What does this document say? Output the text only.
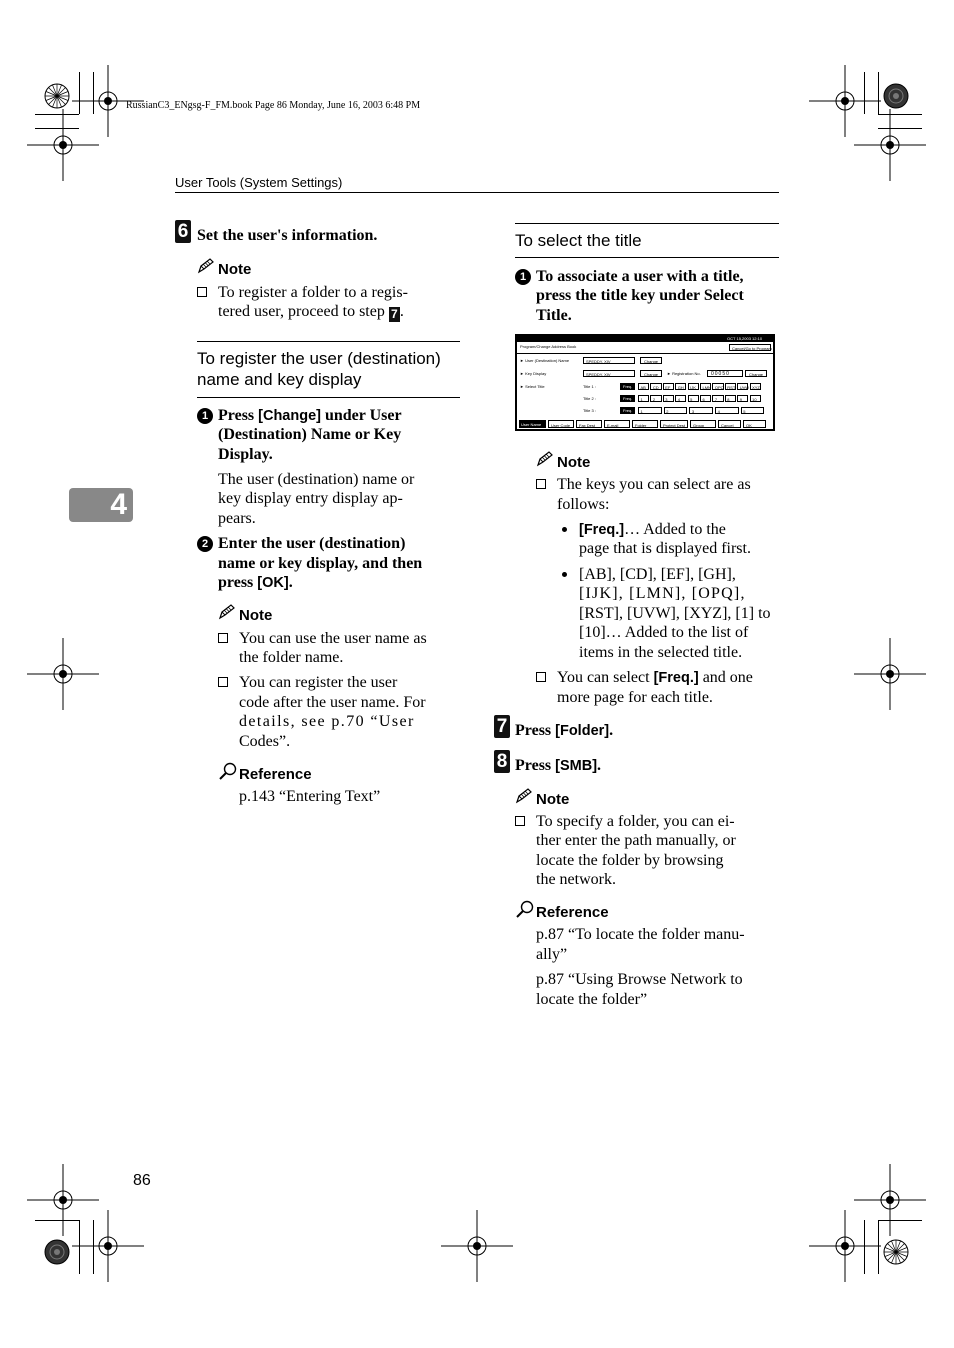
RussianC3_ENgsg-F_FM.book Page 86 Monday, June 16, 2003 6:48 PM
User Tools (System Settings)
4
6 Set the user's information.
Note
To register a folder to a regis-
tered user, proceed to step 7 .
To register the user (destination)
name and key display
1 Press [Change] under User
(Destination) Name or Key
Display.
The user (destination) name or
key display entry display ap-
pears.
2 Enter the user (destination)
name or key display, and then
press [OK].
Note
You can use the user name as
the folder name.
You can register the user
code after the user name. For
details, see p.70 “User
Codes”.
Reference
p.143 “Entering Text”
To select the title
1 To associate a user with a title,
press the title key under Select
Title.
OCT 15,2003 12:10
Program/Change Address Book	Cancel/Go to Program
► User (Destination) Name	SPEDDY. XIV	Change
► Key Display	SPEDDY. XIV	Change ► Registration No. 00050	Change
► Select Title	Title 1 :	Freq. AB CD EF GH IJK LMN OPQ RST UVW XYZ
Title 2 :	Freq. 1	2	3	4	5	6	7	8	9	10
Title 3 :	Freq. 1	2	3	4	5
User Name User Code Fax Dest	E-mail	Folder	Protect Dest Group	Cancel	OK
Note
The keys you can select are as
follows:
[Freq.]… Added to the
page that is displayed first.
[AB], [CD], [EF], [GH],
[IJK], [LMN], [OPQ],
[RST], [UVW], [XYZ], [1] to
[10]… Added to the list of
items in the selected title.
You can select [Freq.] and one
more page for each title.
7 Press [Folder].
8 Press [SMB].
Note
To specify a folder, you can ei-
ther enter the path manually, or
locate the folder by browsing
the network.
Reference
p.87 “To locate the folder manu-
ally”
p.87 “Using Browse Network to
locate the folder”
86
